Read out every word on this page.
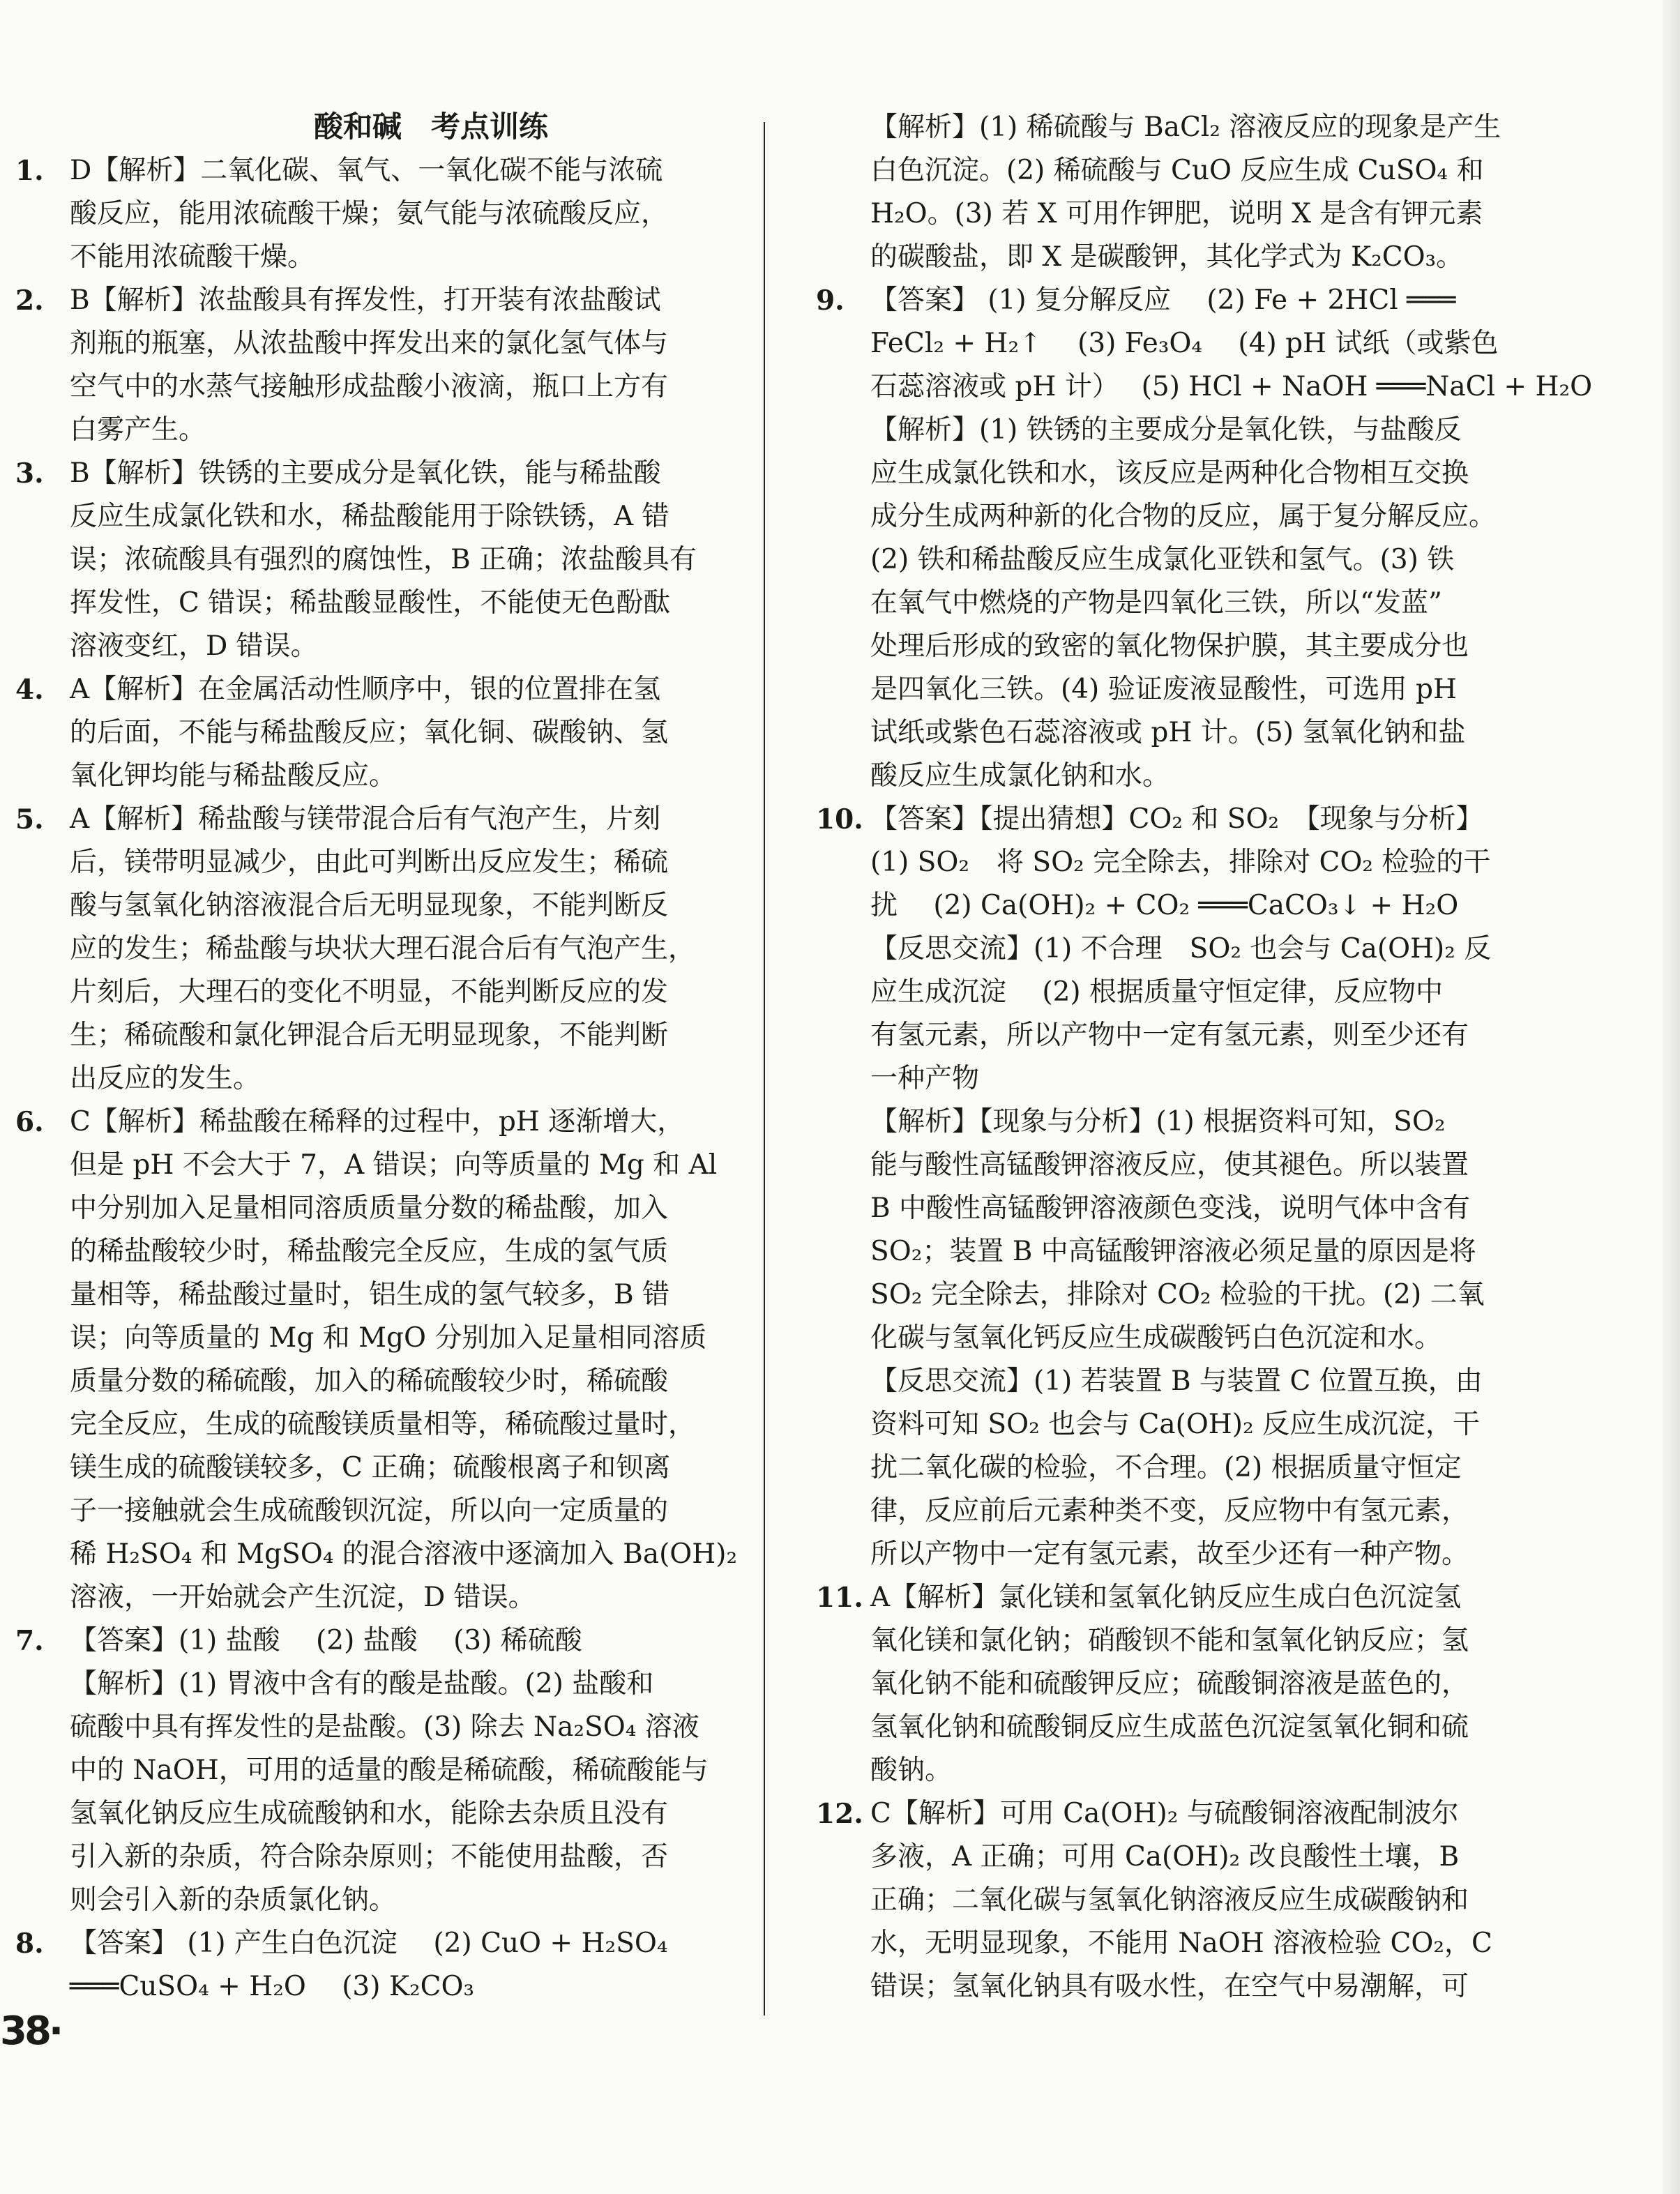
酸和碱　考点训练
1. D【解析】二氧化碳、氧气、一氧化碳不能与浓硫
酸反应，能用浓硫酸干燥；氨气能与浓硫酸反应，
不能用浓硫酸干燥。
2. B【解析】浓盐酸具有挥发性，打开装有浓盐酸试
剂瓶的瓶塞，从浓盐酸中挥发出来的氯化氢气体与
空气中的水蒸气接触形成盐酸小液滴，瓶口上方有
白雾产生。
3. B【解析】铁锈的主要成分是氧化铁，能与稀盐酸
反应生成氯化铁和水，稀盐酸能用于除铁锈，A 错
误；浓硫酸具有强烈的腐蚀性，B 正确；浓盐酸具有
挥发性，C 错误；稀盐酸显酸性，不能使无色酚酞
溶液变红，D 错误。
4. A【解析】在金属活动性顺序中，银的位置排在氢
的后面，不能与稀盐酸反应；氧化铜、碳酸钠、氢
氧化钾均能与稀盐酸反应。
5. A【解析】稀盐酸与镁带混合后有气泡产生，片刻
后，镁带明显减少，由此可判断出反应发生；稀硫
酸与氢氧化钠溶液混合后无明显现象，不能判断反
应的发生；稀盐酸与块状大理石混合后有气泡产生，
片刻后，大理石的变化不明显，不能判断反应的发
生；稀硫酸和氯化钾混合后无明显现象，不能判断
出反应的发生。
6. C【解析】稀盐酸在稀释的过程中，pH 逐渐增大，
但是 pH 不会大于 7，A 错误；向等质量的 Mg 和 Al
中分别加入足量相同溶质质量分数的稀盐酸，加入
的稀盐酸较少时，稀盐酸完全反应，生成的氢气质
量相等，稀盐酸过量时，铝生成的氢气较多，B 错
误；向等质量的 Mg 和 MgO 分别加入足量相同溶质
质量分数的稀硫酸，加入的稀硫酸较少时，稀硫酸
完全反应，生成的硫酸镁质量相等，稀硫酸过量时，
镁生成的硫酸镁较多，C 正确；硫酸根离子和钡离
子一接触就会生成硫酸钡沉淀，所以向一定质量的
稀 H₂SO₄ 和 MgSO₄ 的混合溶液中逐滴加入 Ba(OH)₂
溶液，一开始就会产生沉淀，D 错误。
7. 【答案】(1) 盐酸　 (2) 盐酸　 (3) 稀硫酸
【解析】(1) 胃液中含有的酸是盐酸。(2) 盐酸和
硫酸中具有挥发性的是盐酸。(3) 除去 Na₂SO₄ 溶液
中的 NaOH，可用的适量的酸是稀硫酸，稀硫酸能与
氢氧化钠反应生成硫酸钠和水，能除去杂质且没有
引入新的杂质，符合除杂原则；不能使用盐酸，否
则会引入新的杂质氯化钠。
8. 【答案】 (1) 产生白色沉淀　 (2) CuO + H₂SO₄
═══CuSO₄ + H₂O　 (3) K₂CO₃
【解析】(1) 稀硫酸与 BaCl₂ 溶液反应的现象是产生
白色沉淀。(2) 稀硫酸与 CuO 反应生成 CuSO₄ 和
H₂O。(3) 若 X 可用作钾肥，说明 X 是含有钾元素
的碳酸盐，即 X 是碳酸钾，其化学式为 K₂CO₃。
9. 【答案】 (1) 复分解反应　 (2) Fe + 2HCl ═══
FeCl₂ + H₂↑　 (3) Fe₃O₄　 (4) pH 试纸（或紫色
石蕊溶液或 pH 计）　 (5) HCl + NaOH ═══NaCl + H₂O
【解析】(1) 铁锈的主要成分是氧化铁，与盐酸反
应生成氯化铁和水，该反应是两种化合物相互交换
成分生成两种新的化合物的反应，属于复分解反应。
(2) 铁和稀盐酸反应生成氯化亚铁和氢气。(3) 铁
在氧气中燃烧的产物是四氧化三铁，所以“发蓝”
处理后形成的致密的氧化物保护膜，其主要成分也
是四氧化三铁。(4) 验证废液显酸性，可选用 pH
试纸或紫色石蕊溶液或 pH 计。(5) 氢氧化钠和盐
酸反应生成氯化钠和水。
10. 【答案】【提出猜想】CO₂ 和 SO₂　【现象与分析】
(1) SO₂　将 SO₂ 完全除去，排除对 CO₂ 检验的干
扰　 (2) Ca(OH)₂ + CO₂ ═══CaCO₃↓ + H₂O
【反思交流】(1) 不合理　SO₂ 也会与 Ca(OH)₂ 反
应生成沉淀　 (2) 根据质量守恒定律，反应物中
有氢元素，所以产物中一定有氢元素，则至少还有
一种产物
【解析】【现象与分析】(1) 根据资料可知，SO₂
能与酸性高锰酸钾溶液反应，使其褪色。所以装置
B 中酸性高锰酸钾溶液颜色变浅，说明气体中含有
SO₂；装置 B 中高锰酸钾溶液必须足量的原因是将
SO₂ 完全除去，排除对 CO₂ 检验的干扰。(2) 二氧
化碳与氢氧化钙反应生成碳酸钙白色沉淀和水。
【反思交流】(1) 若装置 B 与装置 C 位置互换，由
资料可知 SO₂ 也会与 Ca(OH)₂ 反应生成沉淀，干
扰二氧化碳的检验，不合理。(2) 根据质量守恒定
律，反应前后元素种类不变，反应物中有氢元素，
所以产物中一定有氢元素，故至少还有一种产物。
11. A【解析】氯化镁和氢氧化钠反应生成白色沉淀氢
氧化镁和氯化钠；硝酸钡不能和氢氧化钠反应；氢
氧化钠不能和硫酸钾反应；硫酸铜溶液是蓝色的，
氢氧化钠和硫酸铜反应生成蓝色沉淀氢氧化铜和硫
酸钠。
12. C【解析】可用 Ca(OH)₂ 与硫酸铜溶液配制波尔
多液，A 正确；可用 Ca(OH)₂ 改良酸性土壤，B
正确；二氧化碳与氢氧化钠溶液反应生成碳酸钠和
水，无明显现象，不能用 NaOH 溶液检验 CO₂，C
错误；氢氧化钠具有吸水性，在空气中易潮解，可
38·
